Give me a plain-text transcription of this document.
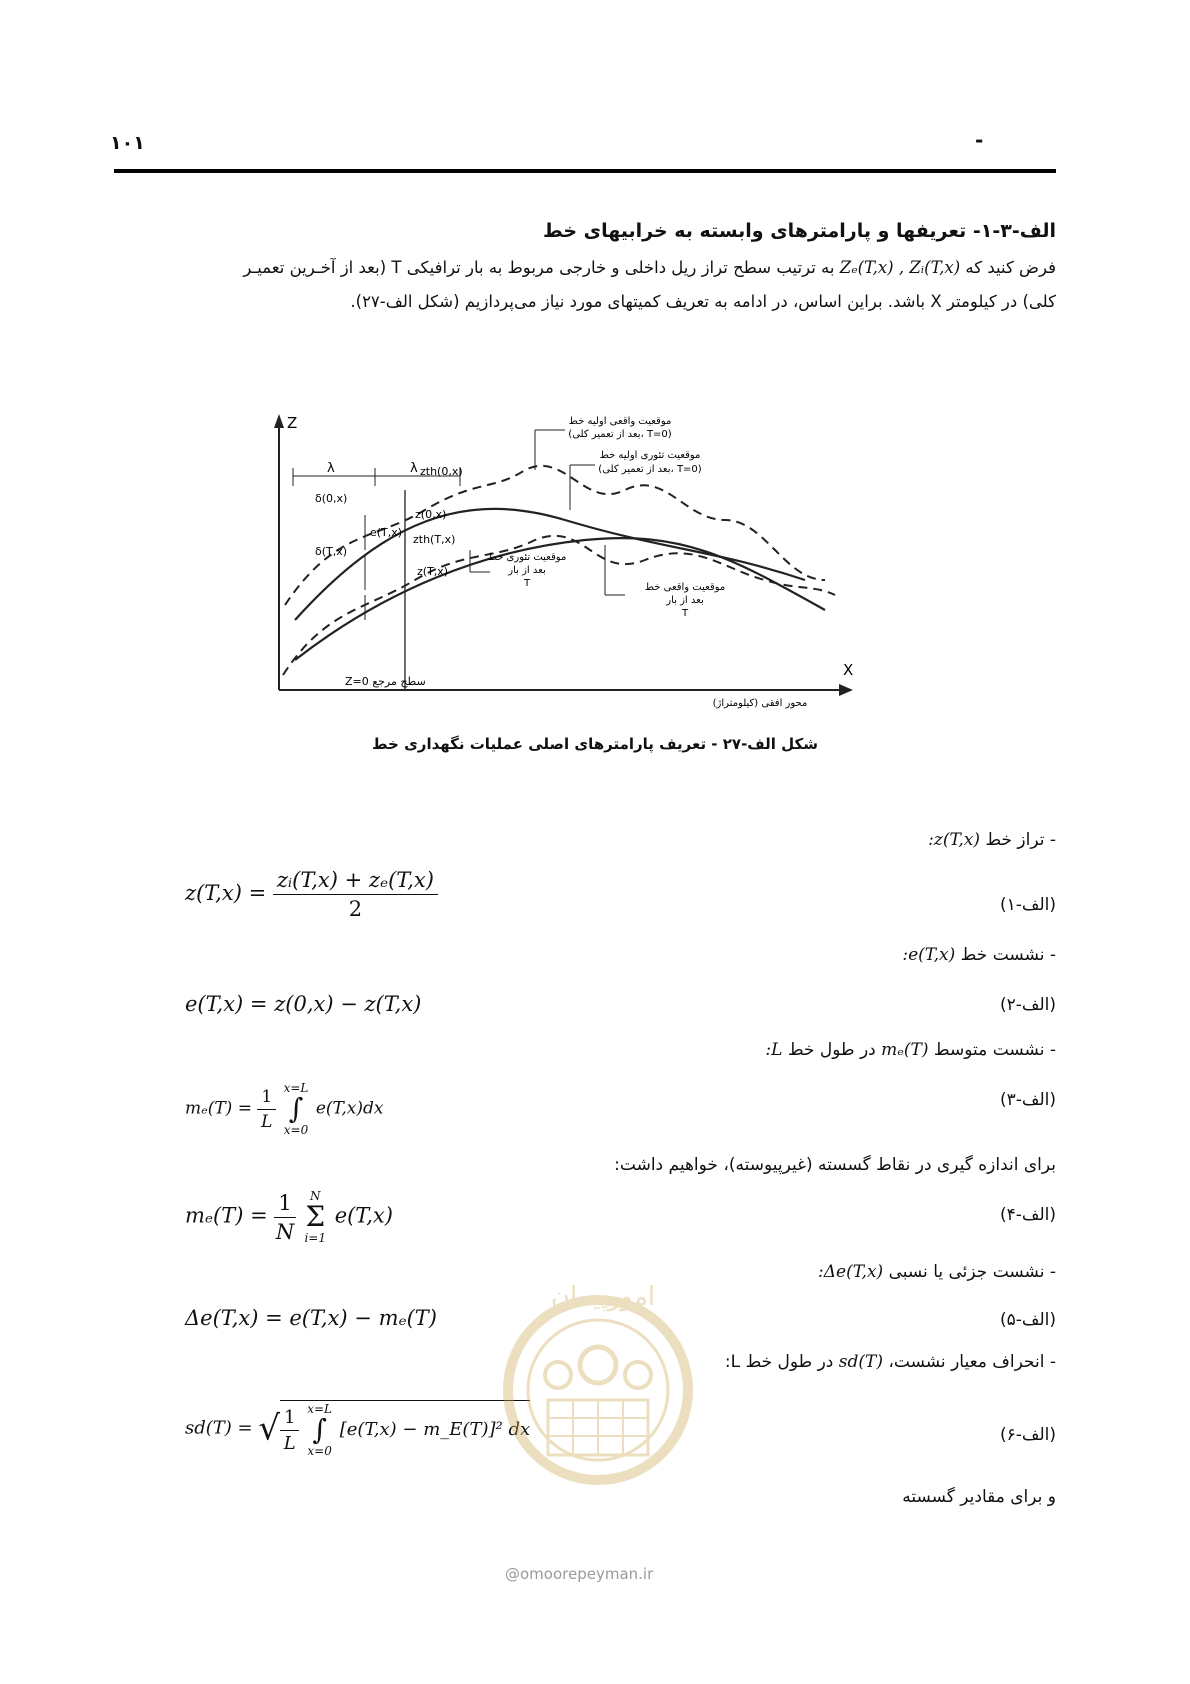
۱۰۱	-
الف-۳-۱- تعریفها و پارامترهای وابسته به خرابیهای خط
فرض کنید که Zₑ(T,x) , Zᵢ(T,x) به ترتیب سطح تراز ریل داخلی و خارجی مربوط به بار ترافیکی T (بعد از آخـرین تعمیـر
کلی) در کیلومتر X باشد. براین اساس، در ادامه به تعریف کمیتهای مورد نیاز می‌پردازیم (شکل الف-۲۷).
Z
X
λ	λ zth(0,x)
δ(0,x)
z(0,x)
e(T,x)
zth(T,x)
δ(T,x)
z(T,x)
موقعیت واقعی اولیه خط
(بعد از تعمیر کلی، T=0)
موقعیت تئوری اولیه خط
(بعد از تعمیر کلی، T=0)
موقعیت تئوری خط
بعد از بار
T	موقعیت واقعی خط
بعد از بار
T
Z=0 سطح مرجع
محور افقی (کیلومتراژ)
شکل الف-۲۷ - تعریف پارامترهای اصلی عملیات نگهداری خط
- تراز خط :z(T,x)
$z(T,x) = \frac{\text{zᵢ(T,x) + zₑ(T,x)}}{2}$	(الف-۱)
- نشست خط :e(T,x)
e(T,x) = z(0,x) − z(T,x)	(الف-۲)
- نشست متوسط mₑ(T) در طول خط :L
$m_e(T) = \frac{1}{L} x=L$
∫
x=0 e(T,x)dx	(الف-۳)
برای اندازه گیری در نقاط گسسته (غیرپیوسته)، خواهیم داشت:
$m_e(T) = \frac{1}{N}$ N
Σ
i=1 e(T,x)	(الف-۴)
- نشست جزئی یا نسبی :Δe(T,x)
Δe(T,x) = e(T,x) − mₑ(T)	(الف-۵)
- انحراف معیار نشست، sd(T) در طول خط L:
sd(T) = √ $\frac{1}{L} x=L$
∫
x=0 [e(T,x) − m_E(T)]² dx	(الف-۶)
و برای مقادیر گسسته
امورپیمان
@omoorepeyman.ir
